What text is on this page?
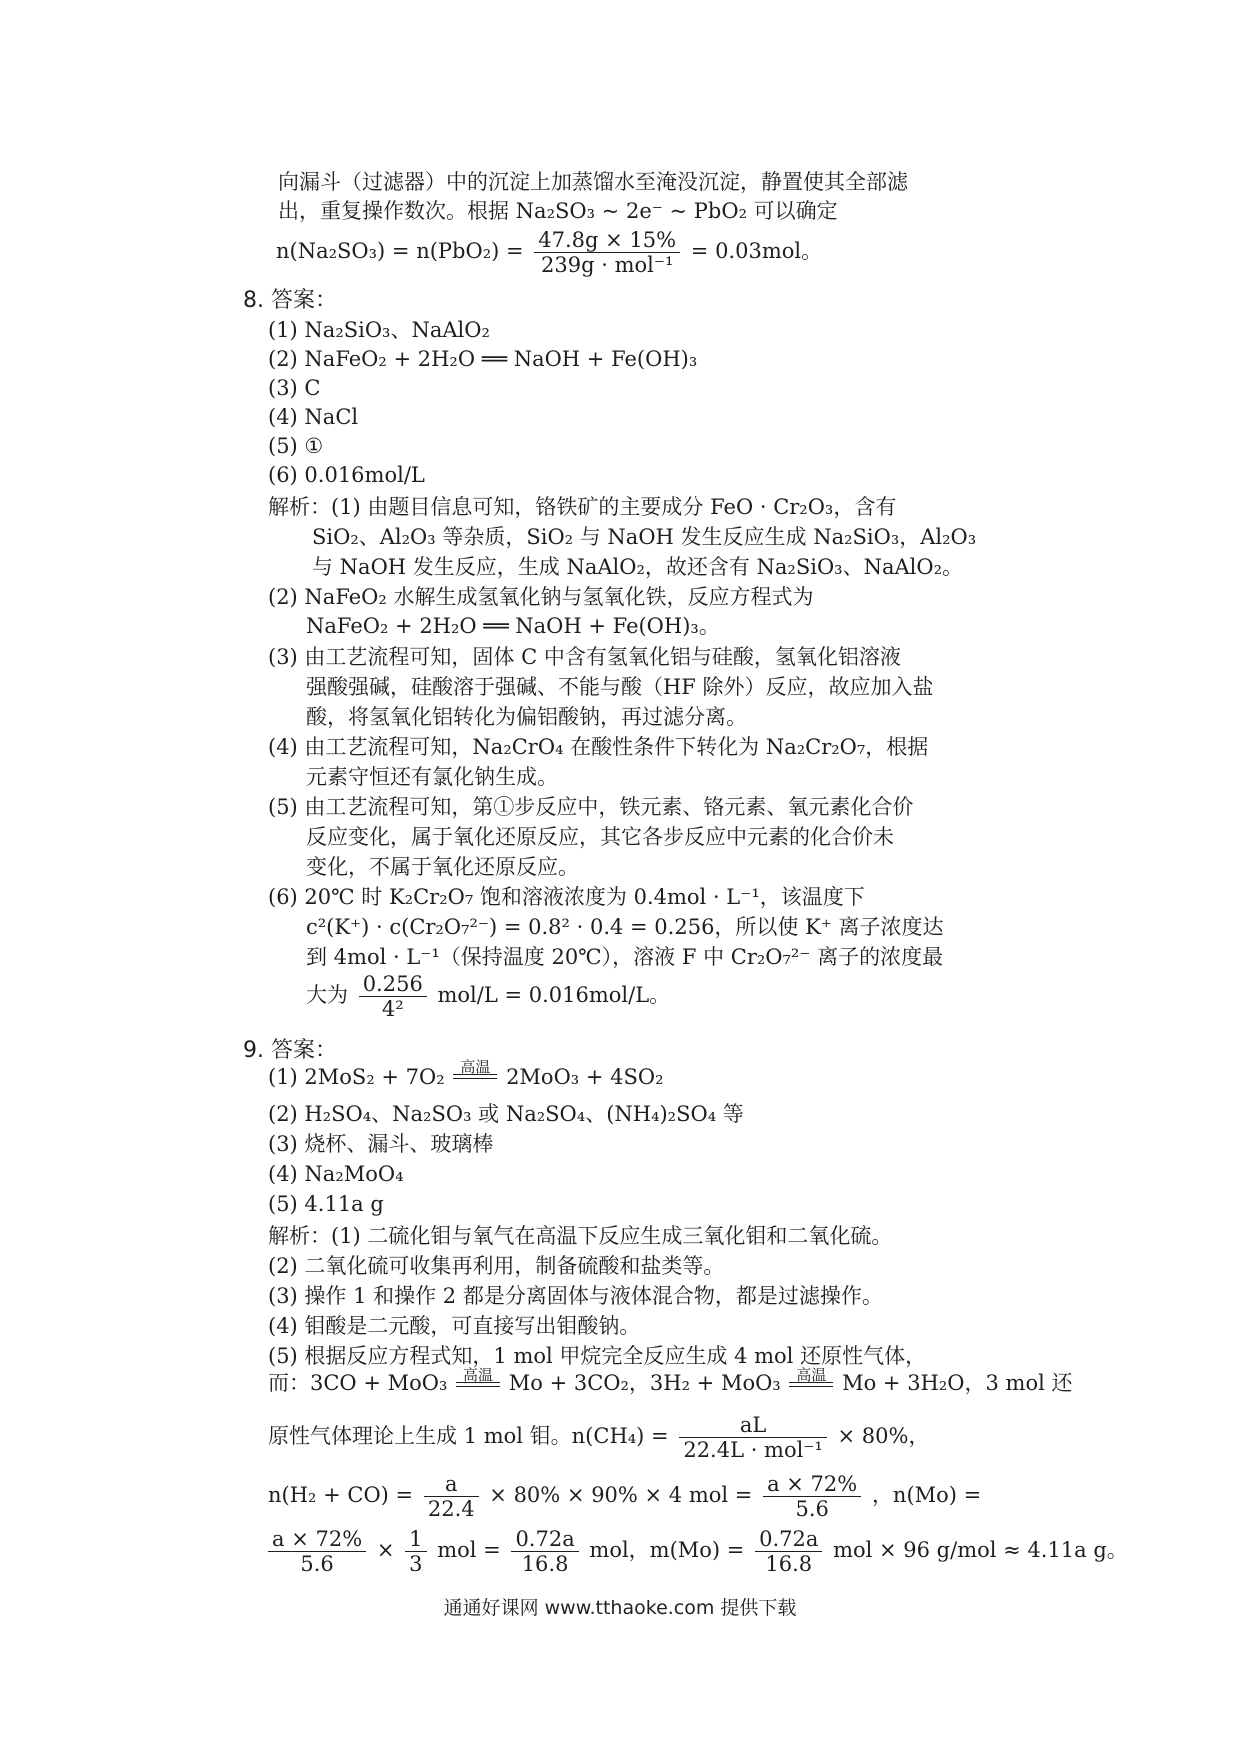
向漏斗（过滤器）中的沉淀上加蒸馏水至淹没沉淀，静置使其全部滤
出，重复操作数次。根据 Na₂SO₃ ~ 2e⁻ ~ PbO₂ 可以确定
$n(Na_2SO_3) = n(PbO_2) = \frac{47.8g \times 15\%}{\text{239g · mol⁻¹}} = 0.03mol$。
8. 答案：
(1) Na₂SiO₃、NaAlO₂
(2) NaFeO₂ + 2H₂O ══ NaOH + Fe(OH)₃
(3) C
(4) NaCl
(5) ①
(6) 0.016mol/L
解析：(1) 由题目信息可知，铬铁矿的主要成分 FeO · Cr₂O₃，含有
SiO₂、Al₂O₃ 等杂质，SiO₂ 与 NaOH 发生反应生成 Na₂SiO₃，Al₂O₃
与 NaOH 发生反应，生成 NaAlO₂，故还含有 Na₂SiO₃、NaAlO₂。
(2) NaFeO₂ 水解生成氢氧化钠与氢氧化铁，反应方程式为
NaFeO₂ + 2H₂O ══ NaOH + Fe(OH)₃。
(3) 由工艺流程可知，固体 C 中含有氢氧化铝与硅酸，氢氧化铝溶液
强酸强碱，硅酸溶于强碱、不能与酸（HF 除外）反应，故应加入盐
酸，将氢氧化铝转化为偏铝酸钠，再过滤分离。
(4) 由工艺流程可知，Na₂CrO₄ 在酸性条件下转化为 Na₂Cr₂O₇，根据
元素守恒还有氯化钠生成。
(5) 由工艺流程可知，第①步反应中，铁元素、铬元素、氧元素化合价
反应变化，属于氧化还原反应，其它各步反应中元素的化合价未
变化，不属于氧化还原反应。
(6) 20℃ 时 K₂Cr₂O₇ 饱和溶液浓度为 0.4mol · L⁻¹，该温度下
c²(K⁺) · c(Cr₂O₇²⁻) = 0.8² · 0.4 = 0.256，所以使 K⁺ 离子浓度达
到 4mol · L⁻¹（保持温度 20℃），溶液 F 中 Cr₂O₇²⁻ 离子的浓度最
大为 $\frac{0.256}{\text{4²}} mol/L = 0.016mol/L$。
9. 答案：
(1) 2MoS₂ + 7O₂	高温 2MoO₃ + 4SO₂
(2) H₂SO₄、Na₂SO₃ 或 Na₂SO₄、(NH₄)₂SO₄ 等
(3) 烧杯、漏斗、玻璃棒
(4) Na₂MoO₄
(5) 4.11a g
解析：(1) 二硫化钼与氧气在高温下反应生成三氧化钼和二氧化硫。
(2) 二氧化硫可收集再利用，制备硫酸和盐类等。
(3) 操作 1 和操作 2 都是分离固体与液体混合物，都是过滤操作。
(4) 钼酸是二元酸，可直接写出钼酸钠。
(5) 根据反应方程式知，1 mol 甲烷完全反应生成 4 mol 还原性气体，
而：3CO + MoO₃	高温 Mo + 3CO₂，3H₂ + MoO₃	高温 Mo + 3H₂O，3 mol 还
原性气体理论上生成 1 mol 钼。$n(CH_4) = \frac{aL}{\text{22.4L · mol⁻¹}} \times 80\%$，
$n(H_2 + CO) = \frac{a}{22.4} \times 80\% \times 90\% \times 4$ mol = $\frac{a \times 72\%}{5.6}$ ，n(Mo) =
$\frac{a \times 72\%}{5.6} \times \frac{1}{3}$ mol = $\frac{0.72a}{16.8}$ mol，$m(Mo) = \frac{0.72a}{16.8}$ mol × 96 g/mol ≈ 4.11a g。
通通好课网 www.tthaoke.com 提供下载
